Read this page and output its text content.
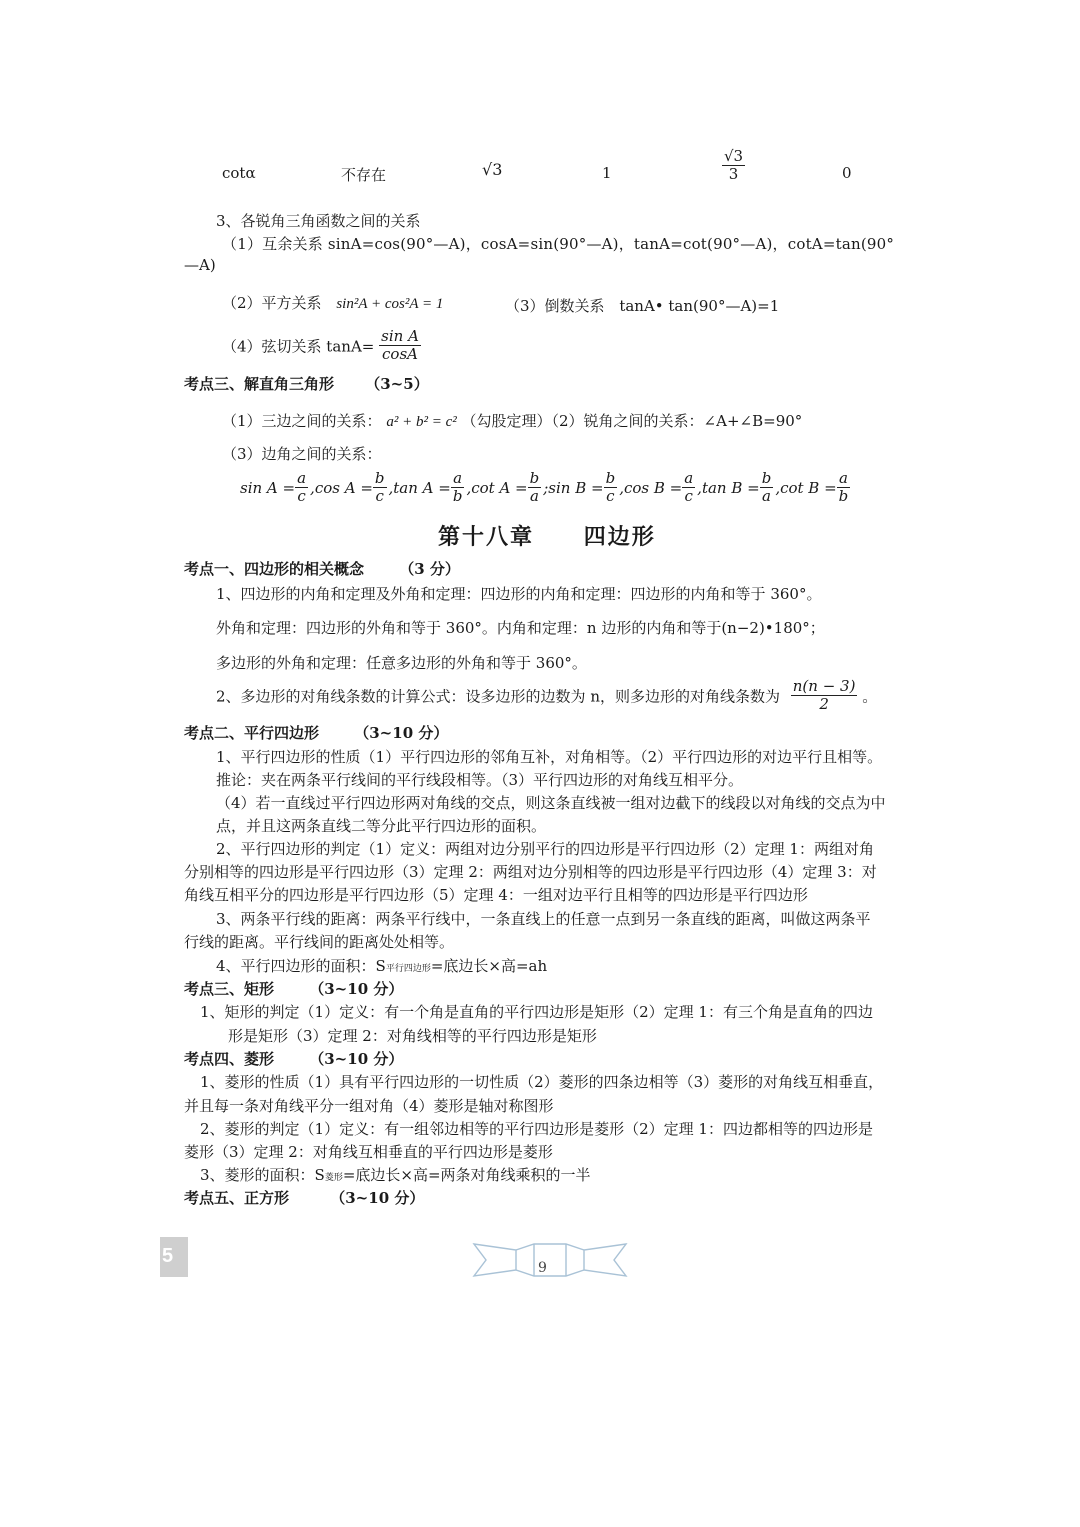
cotα	不存在	√3	1	$\frac{√3}{3}$	0
3、各锐角三角函数之间的关系
（1）互余关系 sinA=cos(90°—A)，cosA=sin(90°—A)，tanA=cot(90°—A)，cotA=tan(90°
—A)
（2）平方关系 sin²A + cos²A = 1	（3）倒数关系 tanA• tan(90°—A)=1
（4）弦切关系 $\tan A= \frac{\text{sin A}}{\cos A}$
考点三、解直角三角形 （3~5）
（1）三边之间的关系： a² + b² = c² （勾股定理）（2）锐角之间的关系：∠A+∠B=90°
（3）边角之间的关系：
$\sin A = \frac{a}{c} ,\cos$ $A = \frac{b}{c} ,\tan$ $A = \frac{a}{b} ,\cot$ $A = \frac{b}{a}$ ;sin $B = \frac{b}{c} ,\cos$ $B = \frac{a}{c} ,\tan$ $B = \frac{b}{a} ,\cot$ $B = \frac{a}{b}$
第十八章 四边形
考点一、四边形的相关概念 （3 分）
1、四边形的内角和定理及外角和定理：四边形的内角和定理：四边形的内角和等于 360°。
外角和定理：四边形的外角和等于 360°。内角和定理：n 边形的内角和等于(n−2)•180°；
多边形的外角和定理：任意多边形的外角和等于 360°。
2、多边形的对角线条数的计算公式：设多边形的边数为 n，则多边形的对角线条数为 $\frac{n(n - 3)}{2}$ 。
考点二、平行四边形 （3~10 分）
1、平行四边形的性质（1）平行四边形的邻角互补，对角相等。（2）平行四边形的对边平行且相等。
推论：夹在两条平行线间的平行线段相等。（3）平行四边形的对角线互相平分。
（4）若一直线过平行四边形两对角线的交点，则这条直线被一组对边截下的线段以对角线的交点为中
点，并且这两条直线二等分此平行四边形的面积。
2、平行四边形的判定（1）定义：两组对边分别平行的四边形是平行四边形（2）定理 1：两组对角
分别相等的四边形是平行四边形（3）定理 2：两组对边分别相等的四边形是平行四边形（4）定理 3：对
角线互相平分的四边形是平行四边形（5）定理 4：一组对边平行且相等的四边形是平行四边形
3、两条平行线的距离：两条平行线中，一条直线上的任意一点到另一条直线的距离，叫做这两条平
行线的距离。平行线间的距离处处相等。
4、平行四边形的面积：S平行四边形=底边长×高=ah
考点三、矩形 （3~10 分）
1、矩形的判定（1）定义：有一个角是直角的平行四边形是矩形（2）定理 1：有三个角是直角的四边
形是矩形（3）定理 2：对角线相等的平行四边形是矩形
考点四、菱形 （3~10 分）
1、菱形的性质（1）具有平行四边形的一切性质（2）菱形的四条边相等（3）菱形的对角线互相垂直，
并且每一条对角线平分一组对角（4）菱形是轴对称图形
2、菱形的判定（1）定义：有一组邻边相等的平行四边形是菱形（2）定理 1：四边都相等的四边形是
菱形（3）定理 2：对角线互相垂直的平行四边形是菱形
3、菱形的面积：S菱形=底边长×高=两条对角线乘积的一半
考点五、正方形	（3~10 分）
5
9
